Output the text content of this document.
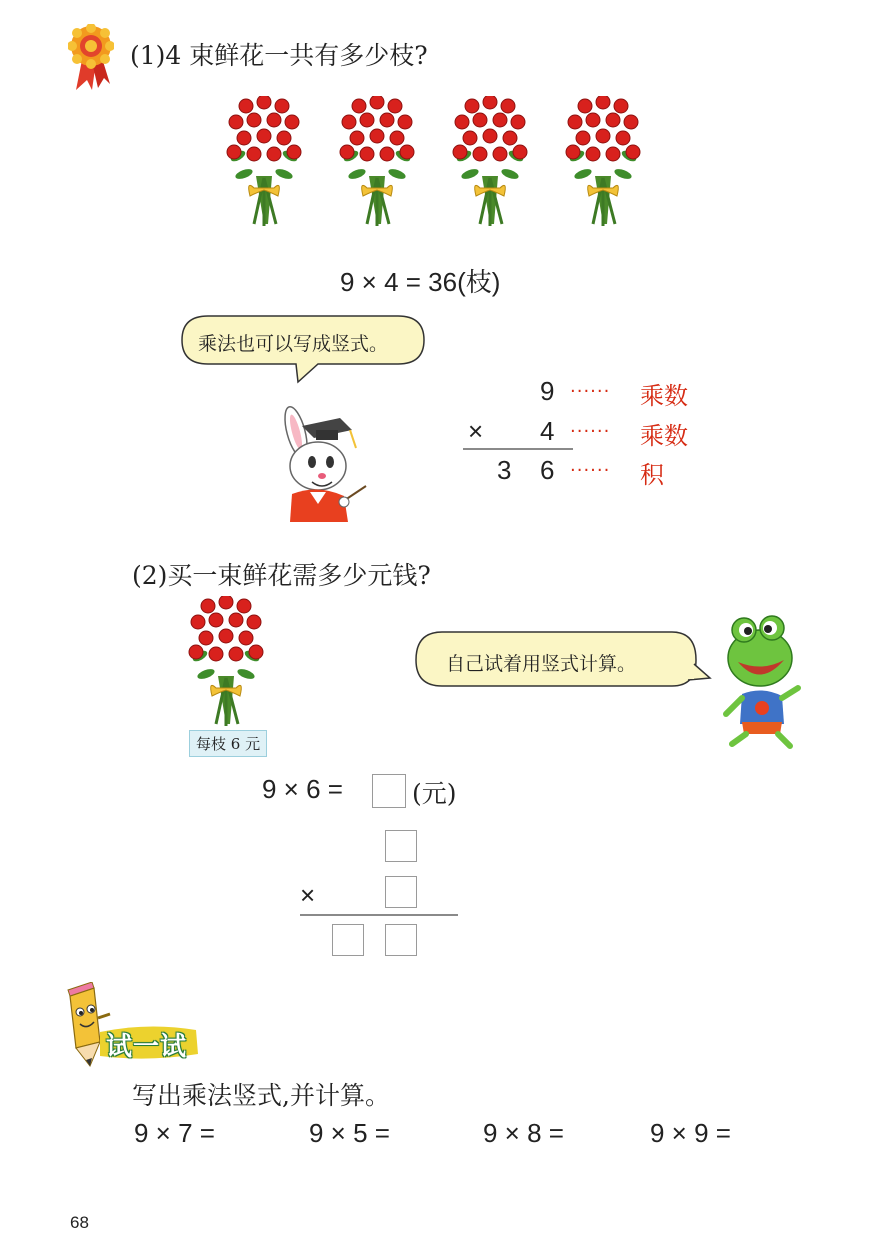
(1)4 束鲜花一共有多少枝?
9 × 4 = 36(枝)
乘法也可以写成竖式。
9 ······ 乘数
× 4 ······ 乘数
3 6 ······ 积
(2)买一束鲜花需多少元钱?
每枝 6 元
自己试着用竖式计算。
9 × 6 =	(元)
×
试一试
写出乘法竖式,并计算。
9 × 7 =	9 × 5 =	9 × 8 =	9 × 9 =
68
